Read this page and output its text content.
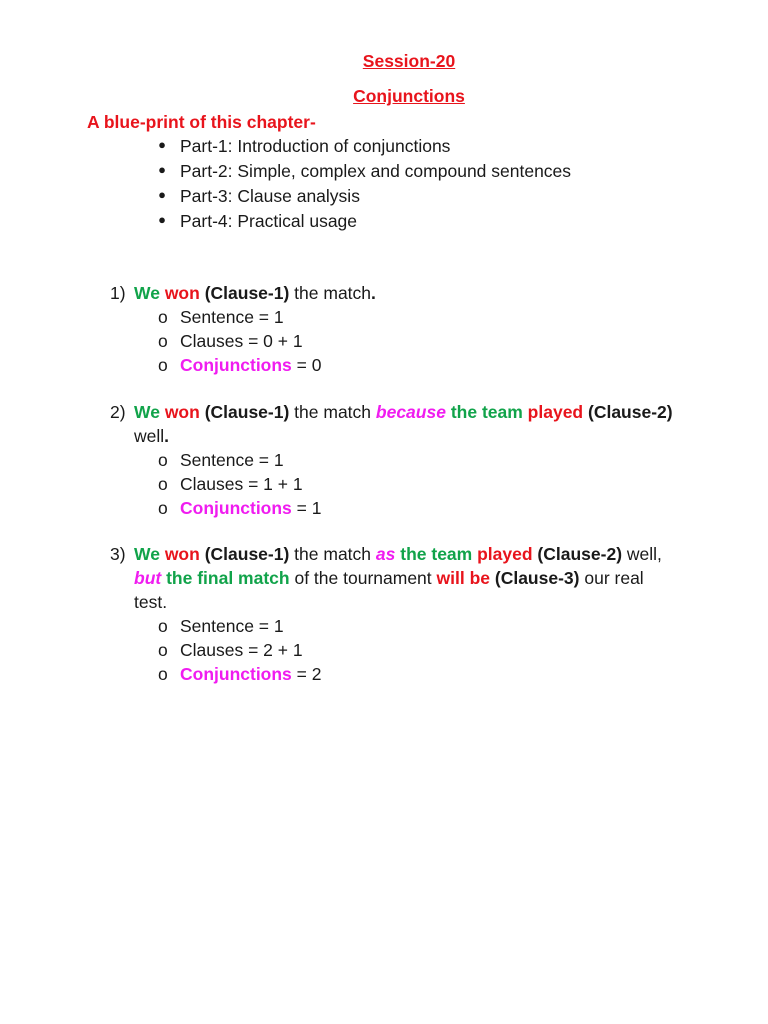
Session-20
Conjunctions
A blue-print of this chapter-
● Part-1: Introduction of conjunctions
● Part-2: Simple, complex and compound sentences
● Part-3: Clause analysis
● Part-4: Practical usage
1) We won (Clause-1) the match.
o Sentence = 1
o Clauses = 0 + 1
o Conjunctions = 0
2) We won (Clause-1) the match because the team played (Clause-2)
well.
o Sentence = 1
o Clauses = 1 + 1
o Conjunctions = 1
3) We won (Clause-1) the match as the team played (Clause-2) well,
but the final match of the tournament will be (Clause-3) our real
test.
o Sentence = 1
o Clauses = 2 + 1
o Conjunctions = 2
